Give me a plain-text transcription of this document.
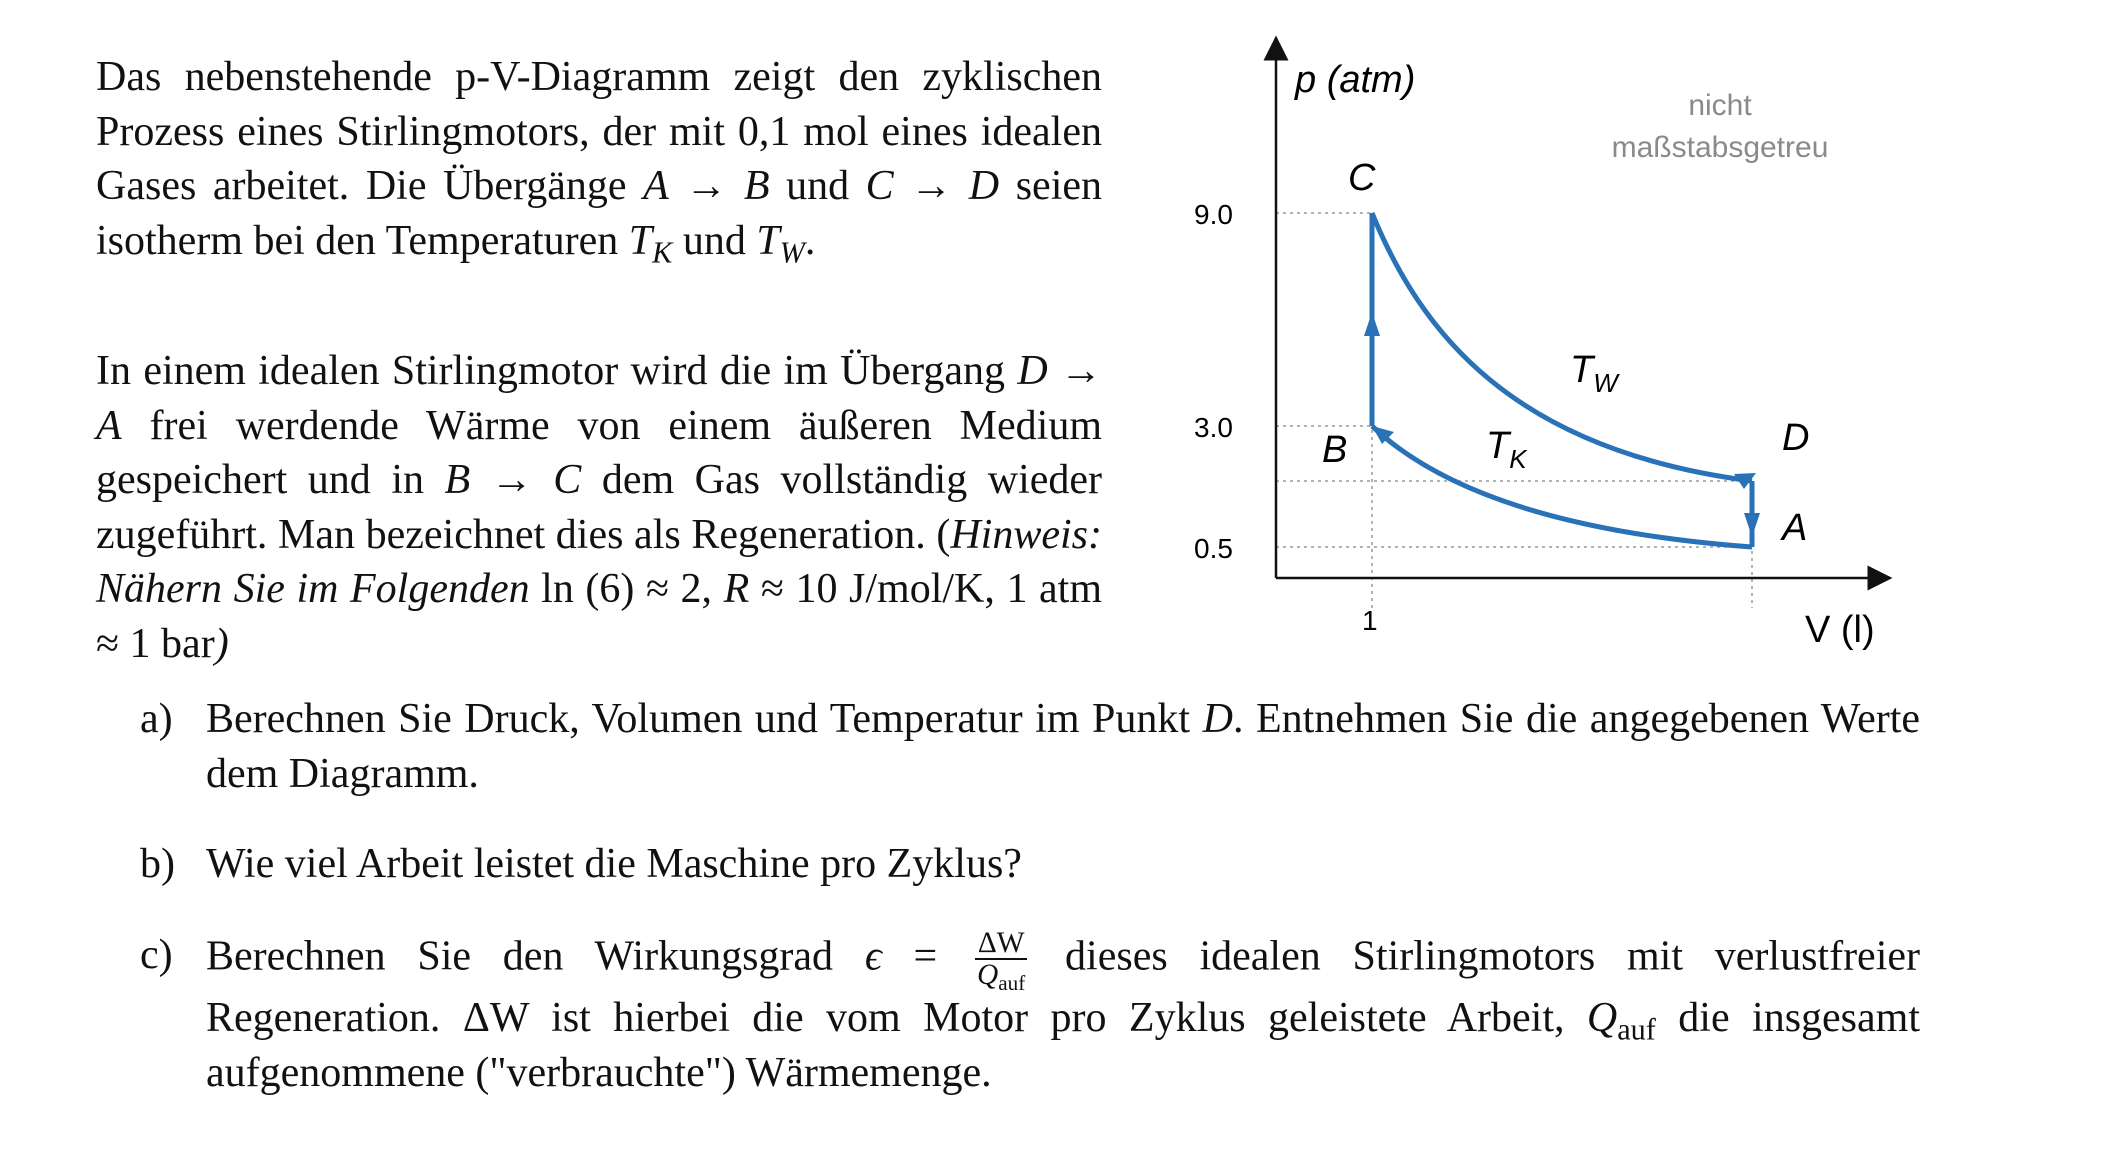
Das nebenstehende p-V-Diagramm zeigt den zyklischen Prozess eines Stirlingmotors, der mit 0,1 mol eines idealen Gases arbeitet. Die Übergänge A → B und C → D seien isotherm bei den Temperaturen $T_K$ und $T_W$.
In einem idealen Stirlingmotor wird die im Übergang D → A frei werdende Wärme von einem äußeren Medium gespeichert und in B → C dem Gas vollständig wieder zugeführt. Man bezeichnet dies als Regeneration. (Hinweis: Nähern Sie im Folgenden ln (6) ≈ 2, R ≈ 10 J/mol/K, 1 atm ≈ 1 bar)
a) Berechnen Sie Druck, Volumen und Temperatur im Punkt D. Entnehmen Sie die angegebenen Werte dem Diagramm.
b) Wie viel Arbeit leistet die Maschine pro Zyklus?
c) Berechnen Sie den Wirkungsgrad $\epsilon = \frac{\Delta W}{Q_{auf}}$ dieses idealen Stirlingmotors mit verlustfreier Regeneration. ΔW ist hierbei die vom Motor pro Zyklus geleistete Arbeit, $Q_{auf}$ die insgesamt aufgenommene ("verbrauchte") Wärmemenge.
p (atm)
V (l)
9.0
3.0
0.5
1
C
B	D
A
$T_W$
$T_K$
nicht
maßstabsgetreu
